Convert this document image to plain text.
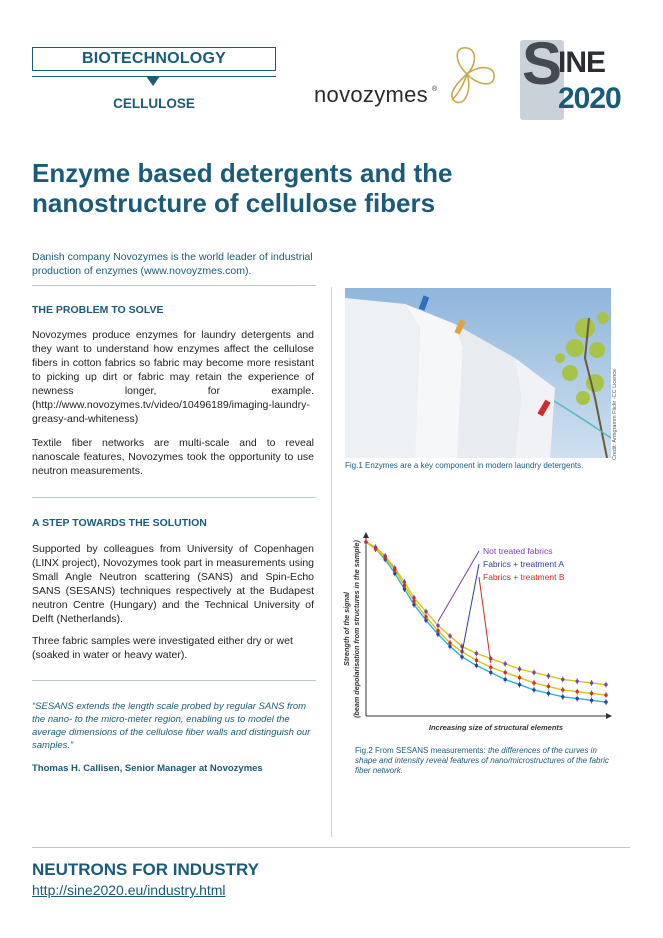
BIOTECHNOLOGY
CELLULOSE	novozymes ® S
INE
2020
Enzyme based detergents and the nanostructure of cellulose fibers
Danish company Novozymes is the world leader of industrial production of enzymes (www.novoyzmes.com).
THE PROBLEM TO SOLVE
Novozymes produce enzymes for laundry detergents and they want to understand how enzymes affect the cellulose fibers in cotton fabrics so fabric may become more resistant to picking up dirt or fabric may retain the experience of newness longer, for example. (http://www.novozymes.tv/video/10496189/imaging-laundry-greasy-and-whiteness)
Textile fiber networks are multi-scale and to reveal nanoscale features, Novozymes took the opportunity to use neutron measurements.
A STEP TOWARDS THE SOLUTION
Supported by colleagues from University of Copenhagen (LINX project), Novozymes took part in measurements using Small Angle Neutron scattering (SANS) and Spin-Echo SANS (SESANS) techniques respectively at the Budapest neutron Centre (Hungary) and the Technical University of Delft (Netherlands).
Three fabric samples were investigated either dry or wet (soaked in water or heavy water).
“SESANS extends the length scale probed by regular SANS from the nano- to the micro-meter region, enabling us to model the average dimensions of the cellulose fiber walls and distinguish our samples.”
Thomas H. Callisen, Senior Manager at Novozymes
Credit: Armgramm Flickr -CC Licence
Fig.1 Enzymes are a key component in modern laundry detergents.
Not treated fabrics
Fabrics + treatment A
Fabrics + treatment B
Increasing size of structural elements
Strength of the signal (beam depolarisation from structures in the sample)
Fig.2 From SESANS measurements: the differences of the curves in shape and intensity reveal features of nano/microstructures of the fabric fiber network.
NEUTRONS FOR INDUSTRY
http://sine2020.eu/industry.html
